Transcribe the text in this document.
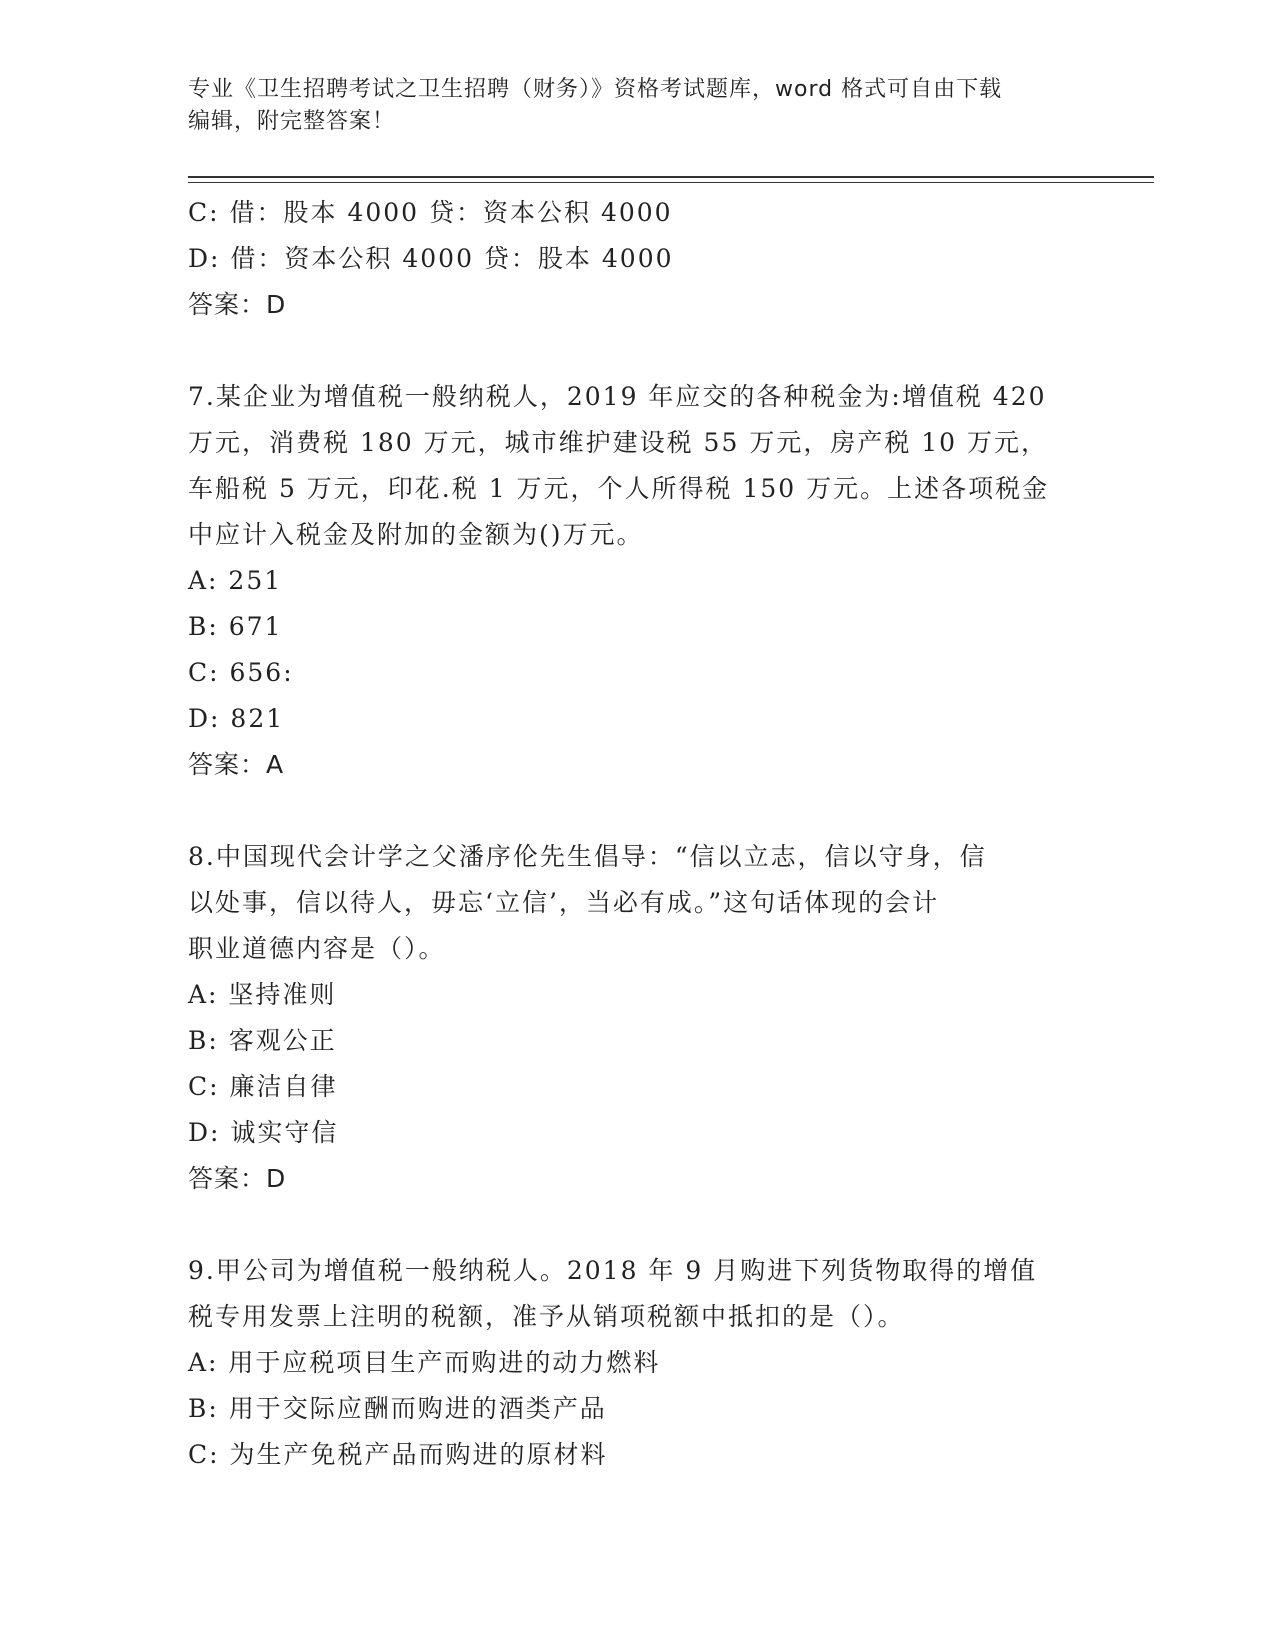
专业《卫生招聘考试之卫生招聘（财务）》资格考试题库，word 格式可自由下载
编辑，附完整答案！
C: 借：股本 4000 贷：资本公积 4000
D: 借：资本公积 4000 贷：股本 4000
答案：D
7.某企业为增值税一般纳税人，2019 年应交的各种税金为:增值税 420
万元，消费税 180 万元，城市维护建设税 55 万元，房产税 10 万元，
车船税 5 万元，印花.税 1 万元，个人所得税 150 万元。上述各项税金
中应计入税金及附加的金额为()万元。
A: 251
B: 671
C: 656:
D: 821
答案：A
8.中国现代会计学之父潘序伦先生倡导：“信以立志，信以守身，信
以处事，信以待人，毋忘‘立信’，当必有成。”这句话体现的会计
职业道德内容是（）。
A: 坚持准则
B: 客观公正
C: 廉洁自律
D: 诚实守信
答案：D
9.甲公司为增值税一般纳税人。2018 年 9 月购进下列货物取得的增值
税专用发票上注明的税额，准予从销项税额中抵扣的是（）。
A: 用于应税项目生产而购进的动力燃料
B: 用于交际应酬而购进的酒类产品
C: 为生产免税产品而购进的原材料
